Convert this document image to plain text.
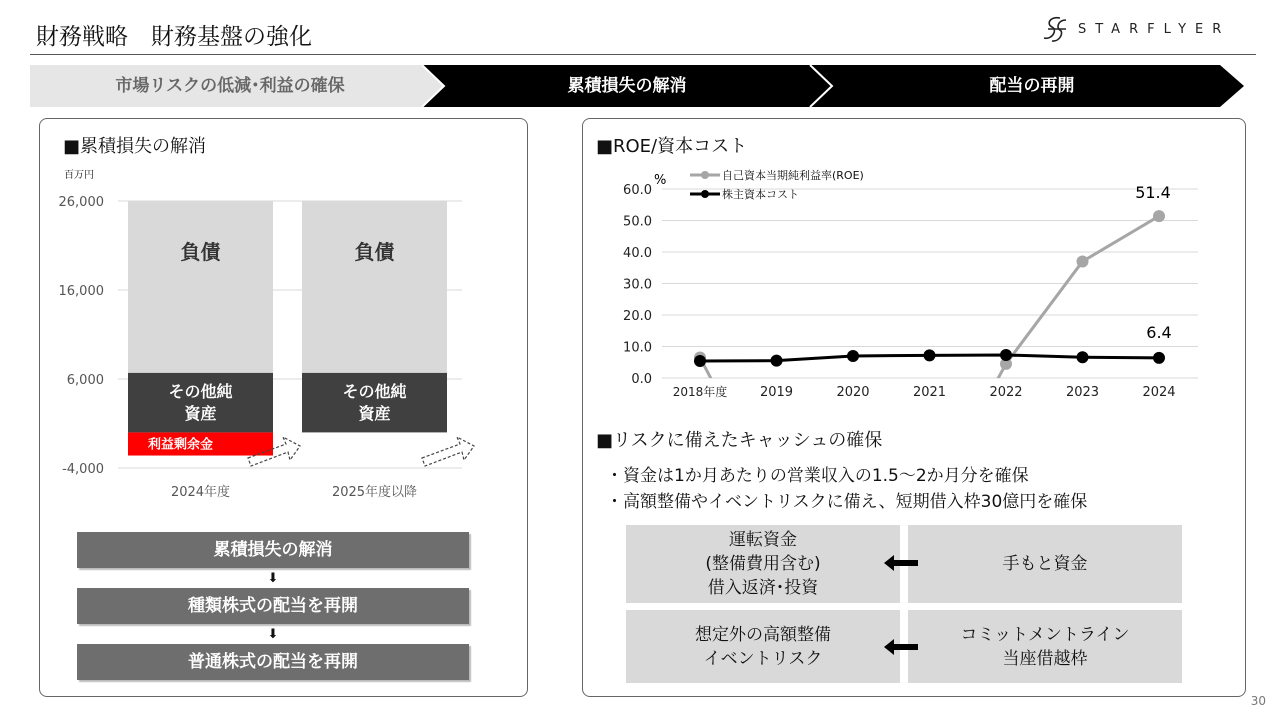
財務戦略　財務基盤の強化	STARFLYER
市場リスクの低減･利益の確保	累積損失の解消	配当の再開
■累積損失の解消
百万円
26,000
16,000
6,000
-4,000
利益剰余金
その他純
資産
負債
2024年度
その他純
資産
負債
2025年度以降
累積損失の解消
⬇
種類株式の配当を再開
⬇
普通株式の配当を再開
■ROE/資本コスト
60.0
50.0
40.0
30.0
20.0
10.0
0.0
%
2018年度	2019	2020	2021	2022	2023	2024
自己資本当期純利益率(ROE)
株主資本コスト	51.4
6.4
■リスクに備えたキャッシュの確保
・資金は1か月あたりの営業収入の1.5～2か月分を確保
・高額整備やイベントリスクに備え、短期借入枠30億円を確保
運転資金
(整備費用含む)
借入返済･投資
手もと資金
想定外の高額整備
イベントリスク
コミットメントライン
当座借越枠
30
